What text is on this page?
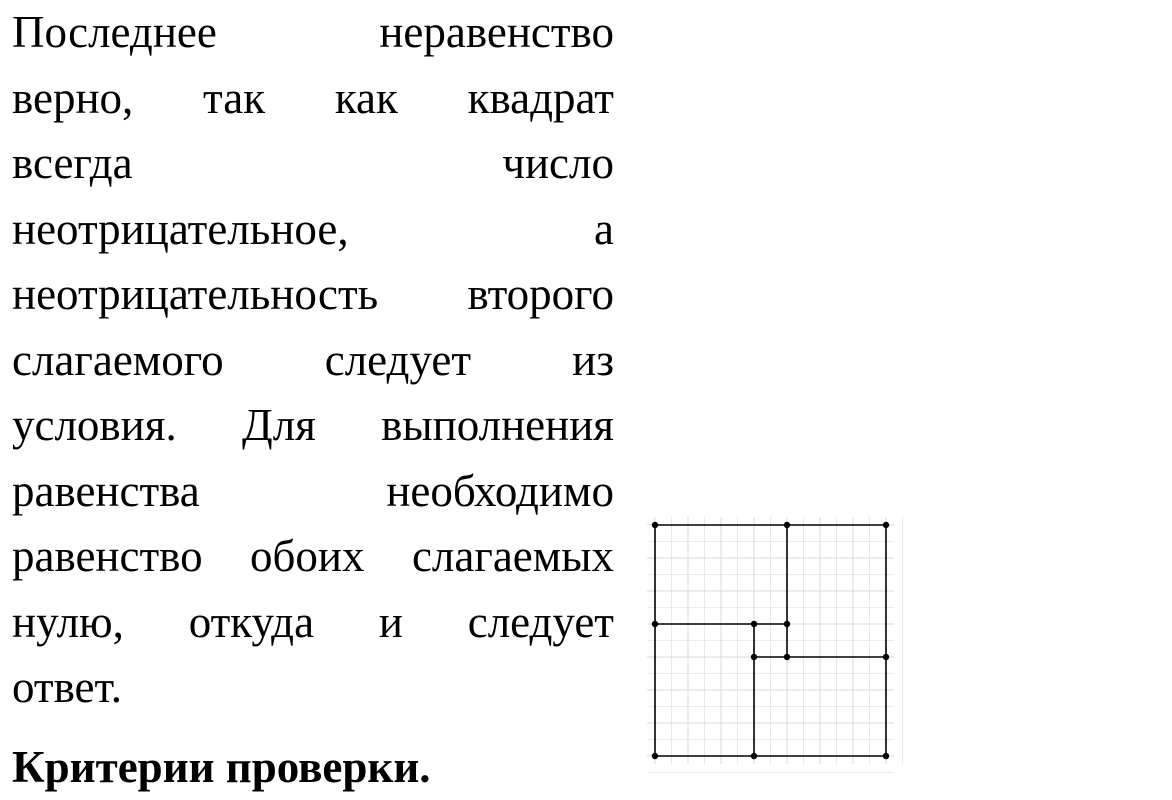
Последнее	неравенство
верно, так как квадрат
всегда	число
неотрицательное,	а
неотрицательность второго
слагаемого следует из
условия. Для выполнения
равенства	необходимо
равенство обоих слагаемых
нулю, откуда и следует
ответ.
Критерии проверки.
